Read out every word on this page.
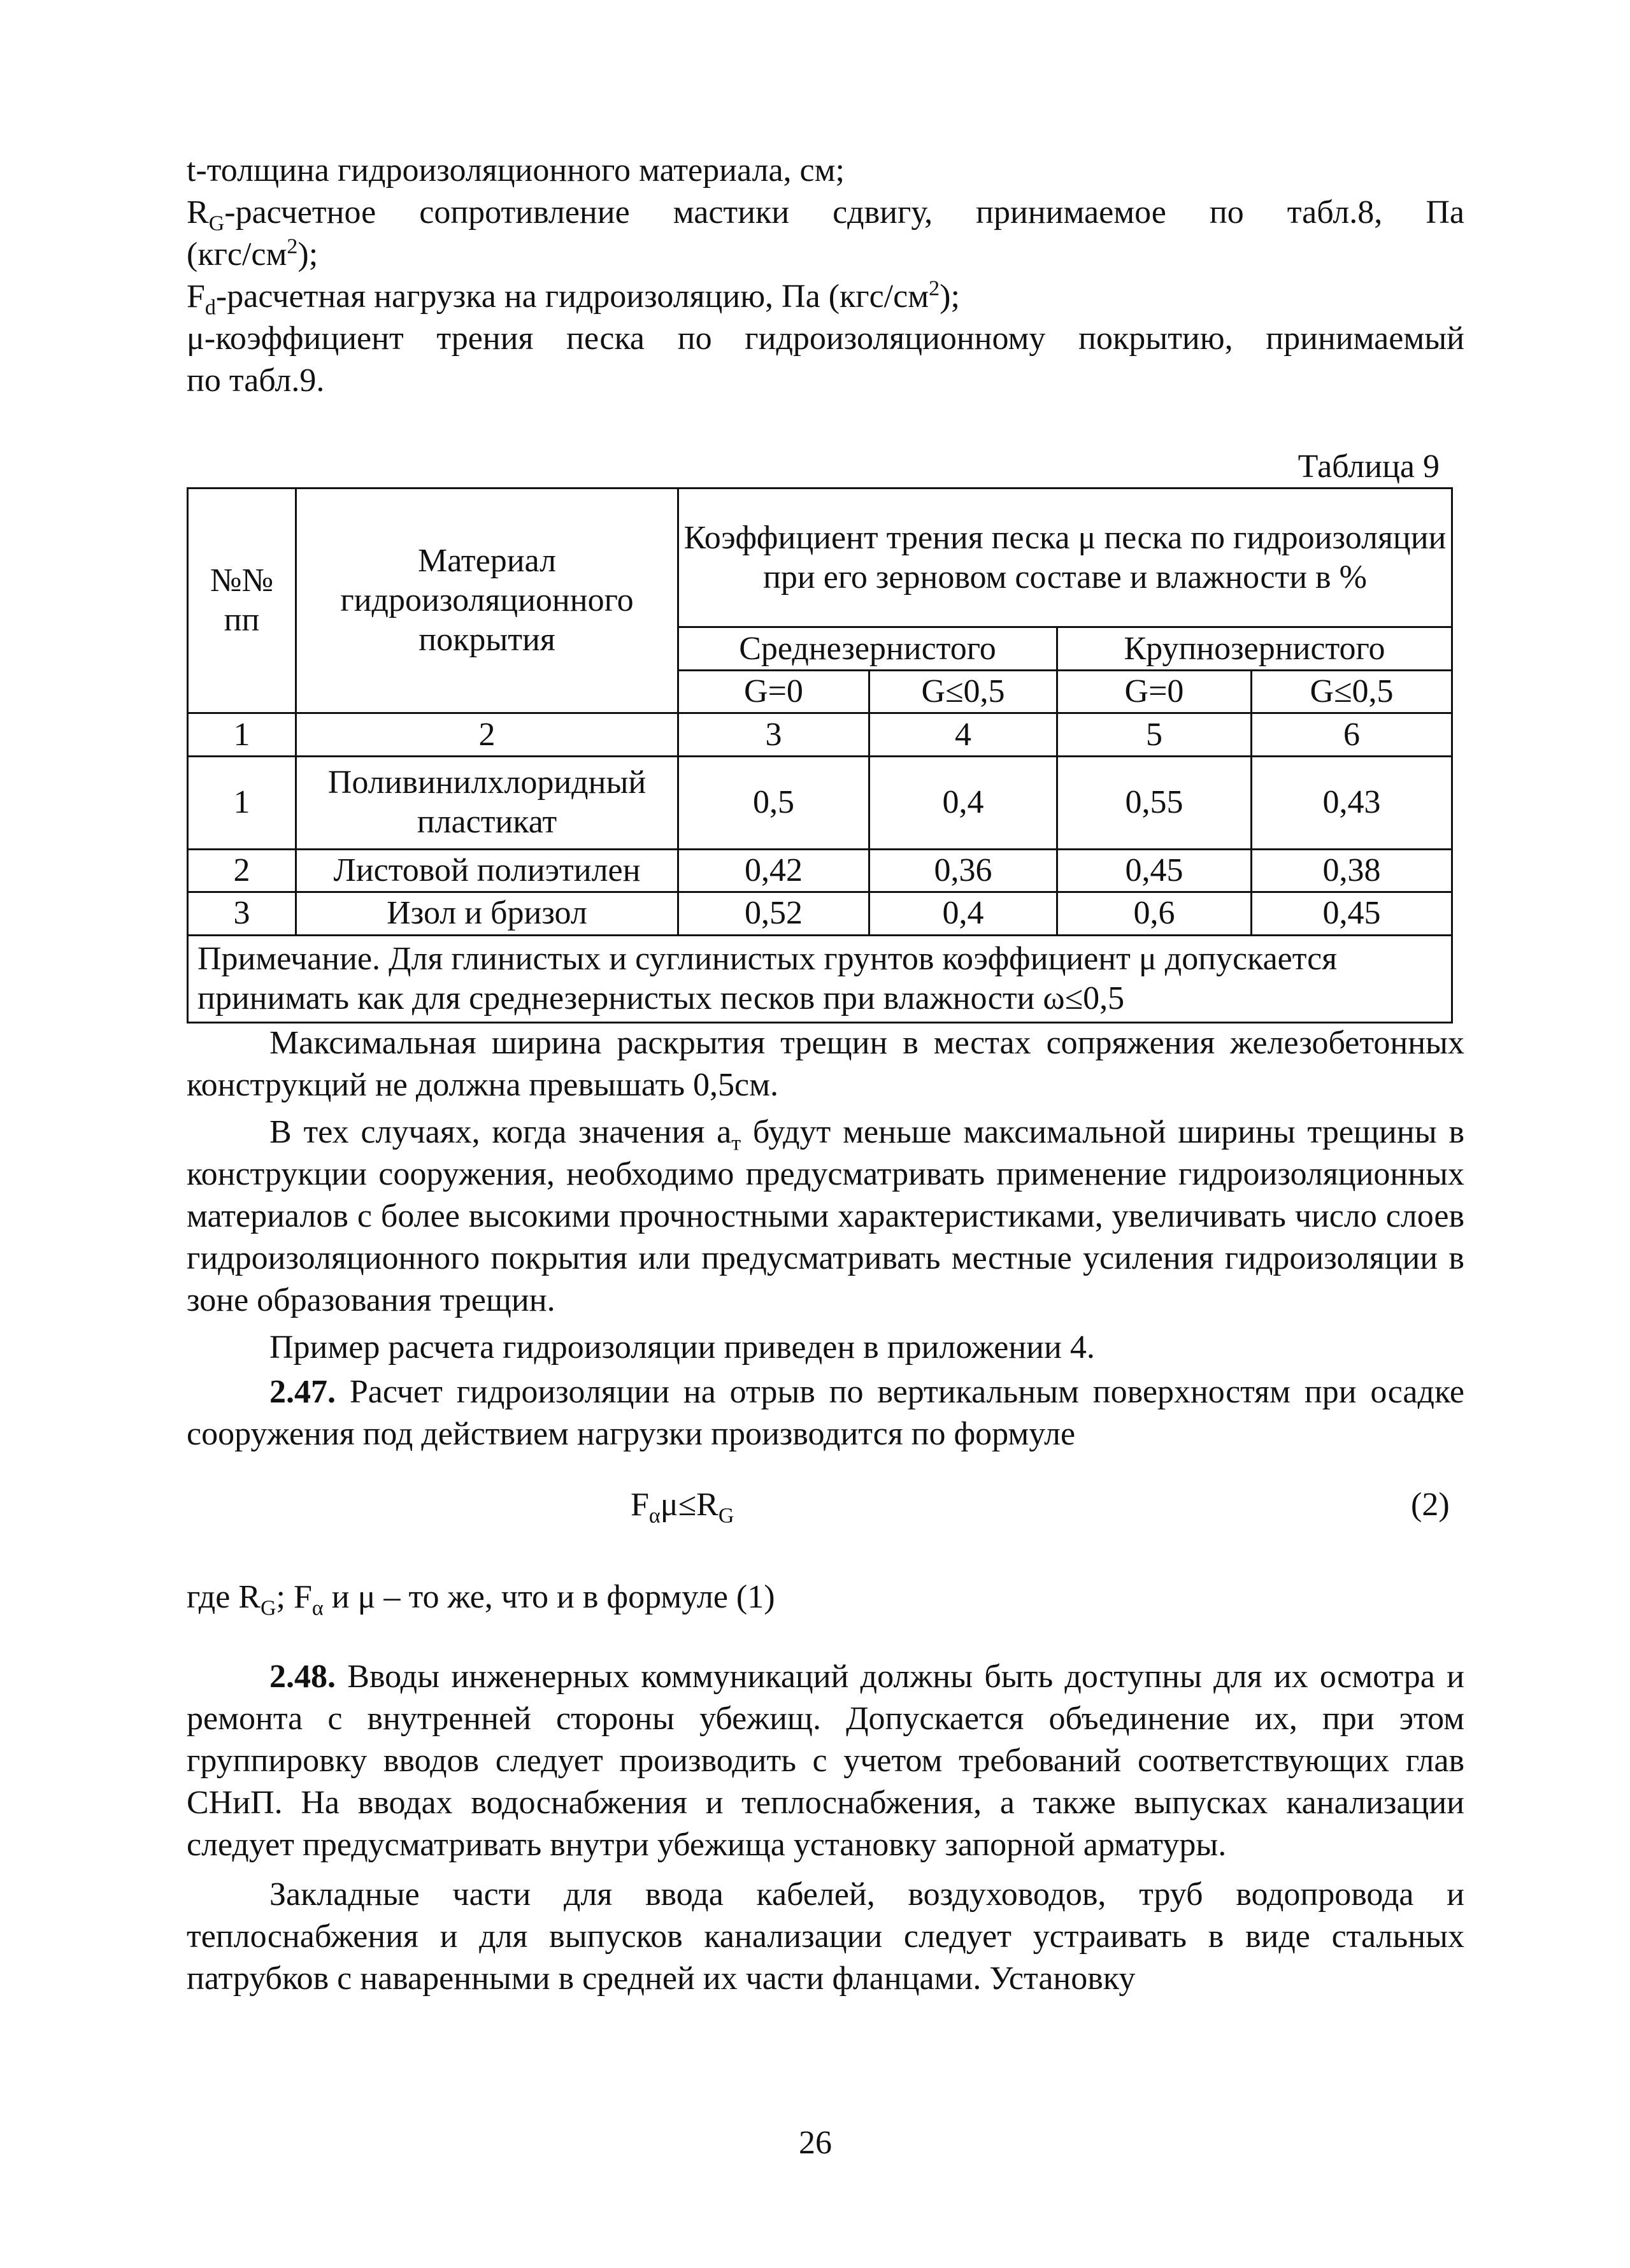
t-толщина гидроизоляционного материала, см;
$R_G$-расчетное сопротивление мастики сдвигу, принимаемое по табл.8, Па
$(кгс/см^2)$;
$F_d$-расчетная нагрузка на гидроизоляцию, Па $(кгс/см^2)$;
μ-коэффициент трения песка по гидроизоляционному покрытию, принимаемый
по табл.9.
Таблица 9
№№ пп	Материал гидроизоляционного покрытия	Коэффициент трения песка μ песка по гидроизоляции при его зерновом составе и влажности в %			
		Среднезернистого		Крупнозернистого	
		G=0	G≤0,5	G=0	G≤0,5
1	2	3	4	5	6
1	Поливинилхлоридный пластикат	0,5	0,4	0,55	0,43
2	Листовой полиэтилен	0,42	0,36	0,45	0,38
3	Изол и бризол	0,52	0,4	0,6	0,45
Примечание. Для глинистых и суглинистых грунтов коэффициент μ допускается принимать как для среднезернистых песков при влажности ω≤0,5					

Максимальная ширина раскрытия трещин в местах сопряжения железобетонных конструкций не должна превышать 0,5см.

В тех случаях, когда значения $a_т$ будут меньше максимальной ширины трещины в конструкции сооружения, необходимо предусматривать применение гидроизоляционных материалов с более высокими прочностными характеристиками, увеличивать число слоев гидроизоляционного покрытия или предусматривать местные усиления гидроизоляции в зоне образования трещин.

Пример расчета гидроизоляции приведен в приложении 4.

2.47. Расчет гидроизоляции на отрыв по вертикальным поверхностям при осадке сооружения под действием нагрузки производится по формуле

$F_\alpha\mu\le R_G$	(2)
где $R_G$; $F_\alpha$ и μ – то же, что и в формуле (1)

2.48. Вводы инженерных коммуникаций должны быть доступны для их осмотра и ремонта с внутренней стороны убежищ. Допускается объединение их, при этом группировку вводов следует производить с учетом требований соответствующих глав СНиП. На вводах водоснабжения и теплоснабжения, а также выпусках канализации следует предусматривать внутри убежища установку запорной арматуры.

Закладные части для ввода кабелей, воздуховодов, труб водопровода и теплоснабжения и для выпусков канализации следует устраивать в виде стальных патрубков с наваренными в средней их части фланцами. Установку

26
